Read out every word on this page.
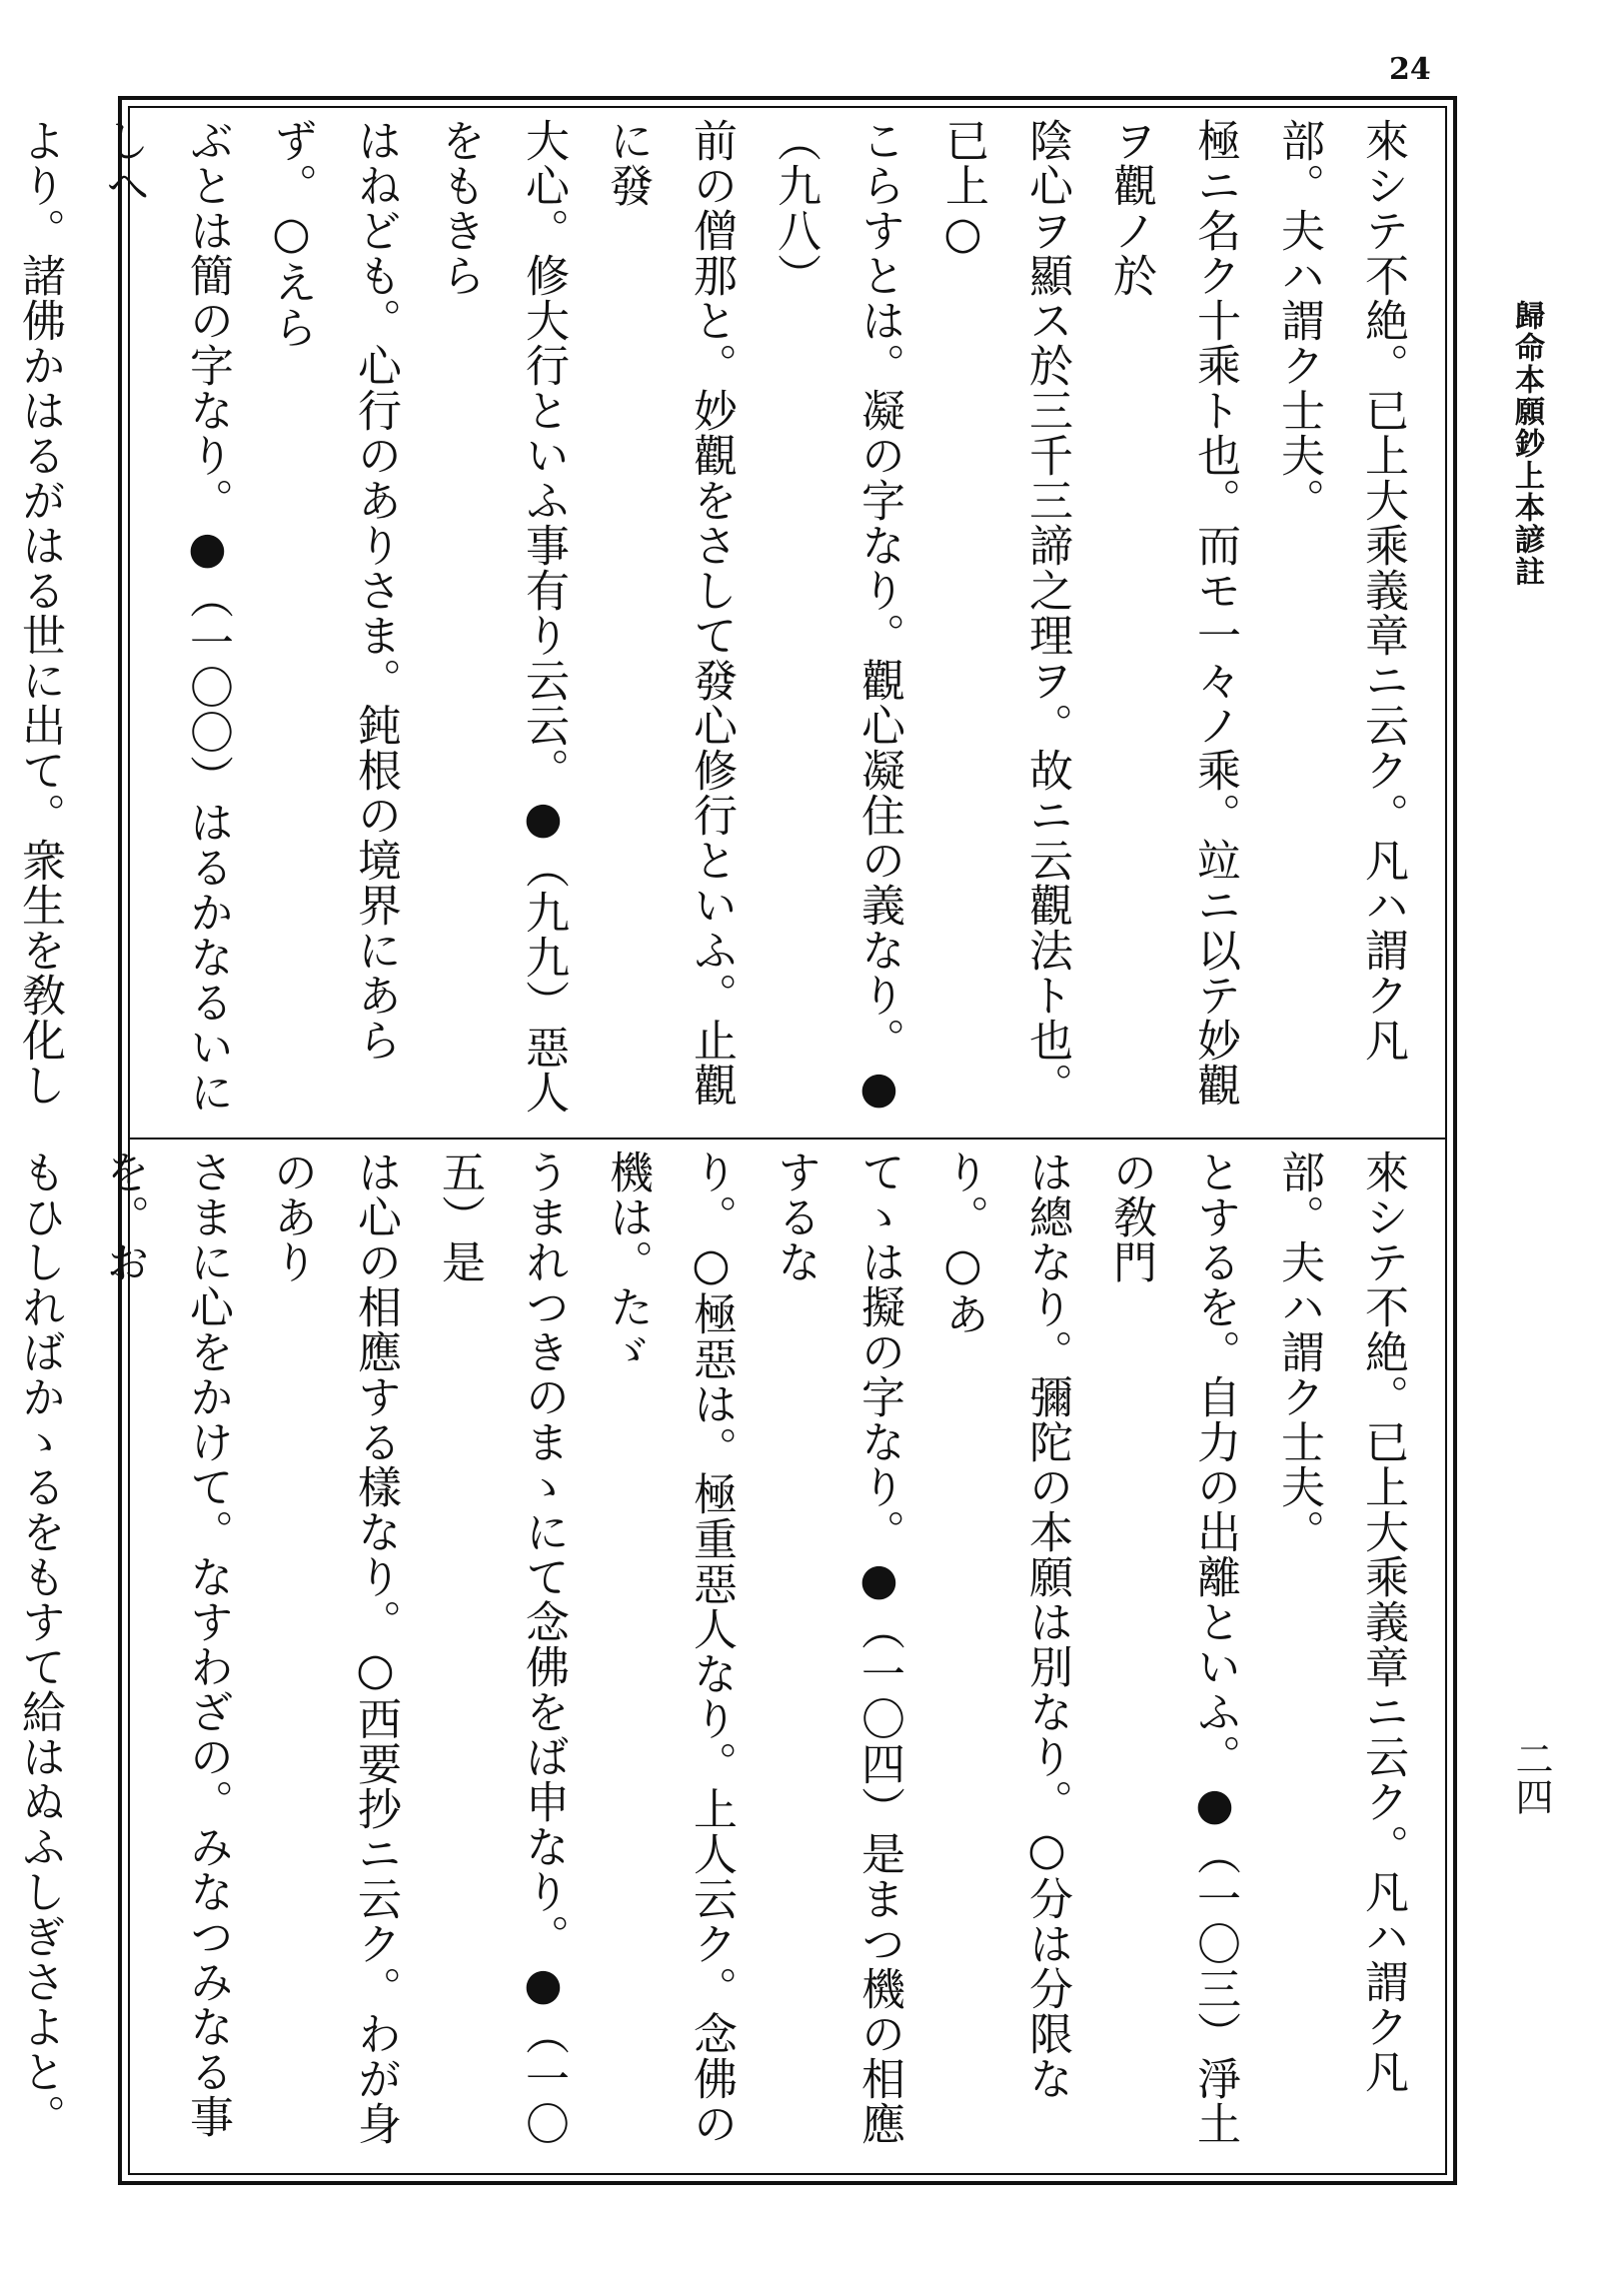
24
來シテ不絶。已上大乘義章ニ云ク。凡ハ謂ク凡部。夫ハ謂ク士夫。
極ニ名ク十乘ト也。而モ一々ノ乘。竝ニ以テ妙觀ヲ觀ノ於
陰心ヲ顯ス於三千三諦之理ヲ。故ニ云觀法ト也。已上○
こらすとは。凝の字なり。觀心凝住の義なり。●（九八）
前の僧那と。妙觀をさして發心修行といふ。止觀に發
大心。修大行といふ事有り云云。●（九九）惡人をもきら
はねども。心行のありさま。鈍根の境界にあらず。○えら
ぶとは簡の字なり。●（一〇〇）はるかなるいにしへ
より。諸佛かはるがはる世に出て。衆生を敎化し
來シテ不絶。已上大乘義章ニ云ク。凡ハ謂ク凡部。夫ハ謂ク士夫。
とするを。自力の出離といふ。●（一〇三）淨土の敎門
は總なり。彌陀の本願は別なり。○分は分限なり。○あ
てゝは擬の字なり。●（一〇四）是まつ機の相應するな
り。○極惡は。極重惡人なり。上人云ク。念佛の機は。たゞ
うまれつきのまゝにて念佛をば申なり。●（一〇五）是
は心の相應する樣なり。○西要抄ニ云ク。わが身のあり
さまに心をかけて。なすわざの。みなつみなる事を。お
もひしればかゝるをもすて給はぬふしぎさよと。
歸命本願鈔上本諺註
二四
